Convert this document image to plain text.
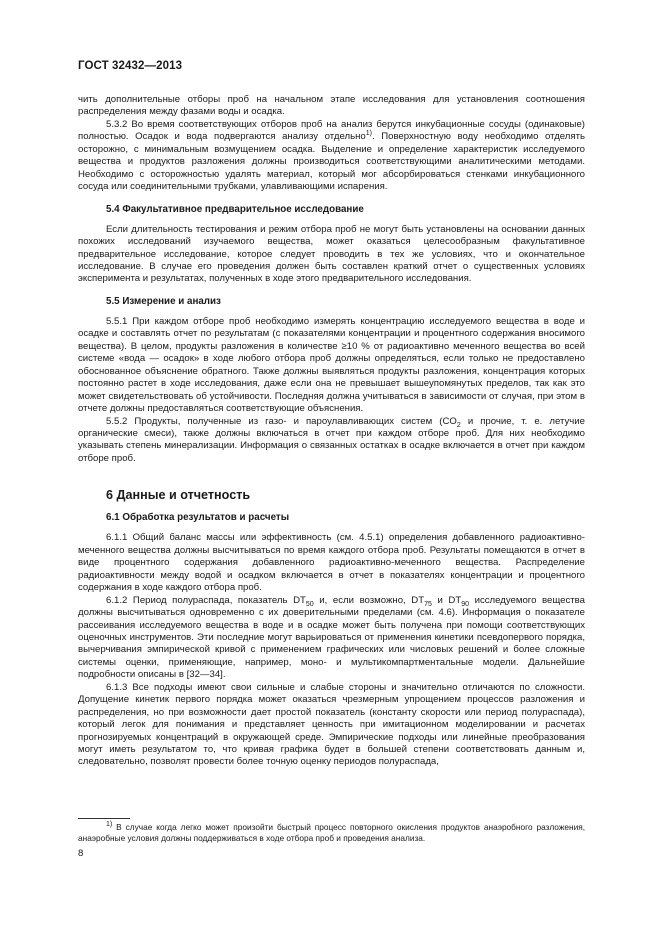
ГОСТ 32432—2013

чить дополнительные отборы проб на начальном этапе исследования для установления соотношения распределения между фазами воды и осадка.

5.3.2 Во время соответствующих отборов проб на анализ берутся инкубационные сосуды (одинаковые) полностью. Осадок и вода подвергаются анализу отдельно$^{1)}$. Поверхностную воду необходимо отделять осторожно, с минимальным возмущением осадка. Выделение и определение характеристик исследуемого вещества и продуктов разложения должны производиться соответствующими аналитическими методами. Необходимо с осторожностью удалять материал, который мог абсорбироваться стенками инкубационного сосуда или соединительными трубками, улавливающими испарения.

5.4 Факультативное предварительное исследование

Если длительность тестирования и режим отбора проб не могут быть установлены на основании данных похожих исследований изучаемого вещества, может оказаться целесообразным факультативное предварительное исследование, которое следует проводить в тех же условиях, что и окончательное исследование. В случае его проведения должен быть составлен краткий отчет о существенных условиях эксперимента и результатах, полученных в ходе этого предварительного исследования.

5.5 Измерение и анализ

5.5.1 При каждом отборе проб необходимо измерять концентрацию исследуемого вещества в воде и осадке и составлять отчет по результатам (с показателями концентрации и процентного содержания вносимого вещества). В целом, продукты разложения в количестве ≥10 % от радиоактивно меченного вещества во всей системе «вода — осадок» в ходе любого отбора проб должны определяться, если только не предоставлено обоснованное объяснение обратного. Также должны выявляться продукты разложения, концентрация которых постоянно растет в ходе исследования, даже если она не превышает вышеупомянутых пределов, так как это может свидетельствовать об устойчивости. Последняя должна учитываться в зависимости от случая, при этом в отчете должны предоставляться соответствующие объяснения.

5.5.2 Продукты, полученные из газо- и пароулавливающих систем ($CO_2$ и прочие, т. е. летучие органические смеси), также должны включаться в отчет при каждом отборе проб. Для них необходимо указывать степень минерализации. Информация о связанных остатках в осадке включается в отчет при каждом отборе проб.

6 Данные и отчетность
6.1 Обработка результатов и расчеты

6.1.1 Общий баланс массы или эффективность (см. 4.5.1) определения добавленного радиоактивно-меченного вещества должны высчитываться по время каждого отбора проб. Результаты помещаются в отчет в виде процентного содержания добавленного радиоактивно-меченного вещества. Распределение радиоактивности между водой и осадком включается в отчет в показателях концентрации и процентного содержания в ходе каждого отбора проб.

6.1.2 Период полураспада, показатель $DT_{50}$ и, если возможно, $DT_{75}$ и $DT_{90}$ исследуемого вещества должны высчитываться одновременно с их доверительными пределами (см. 4.6). Информация о показателе рассеивания исследуемого вещества в воде и в осадке может быть получена при помощи соответствующих оценочных инструментов. Эти последние могут варьироваться от применения кинетики псевдопервого порядка, вычерчивания эмпирической кривой с применением графических или числовых решений и более сложные системы оценки, применяющие, например, моно- и мультикомпартментальные модели. Дальнейшие подробности описаны в [32—34].

6.1.3 Все подходы имеют свои сильные и слабые стороны и значительно отличаются по сложности. Допущение кинетик первого порядка может оказаться чрезмерным упрощением процессов разложения и распределения, но при возможности дает простой показатель (константу скорости или период полураспада), который легок для понимания и представляет ценность при имитационном моделировании и расчетах прогнозируемых концентраций в окружающей среде. Эмпирические подходы или линейные преобразования могут иметь результатом то, что кривая графика будет в большей степени соответствовать данным и, следовательно, позволят провести более точную оценку периодов полураспада,

$^{1)}$ В случае когда легко может произойти быстрый процесс повторного окисления продуктов анаэробного разложения, анаэробные условия должны поддерживаться в ходе отбора проб и проведения анализа.

8
